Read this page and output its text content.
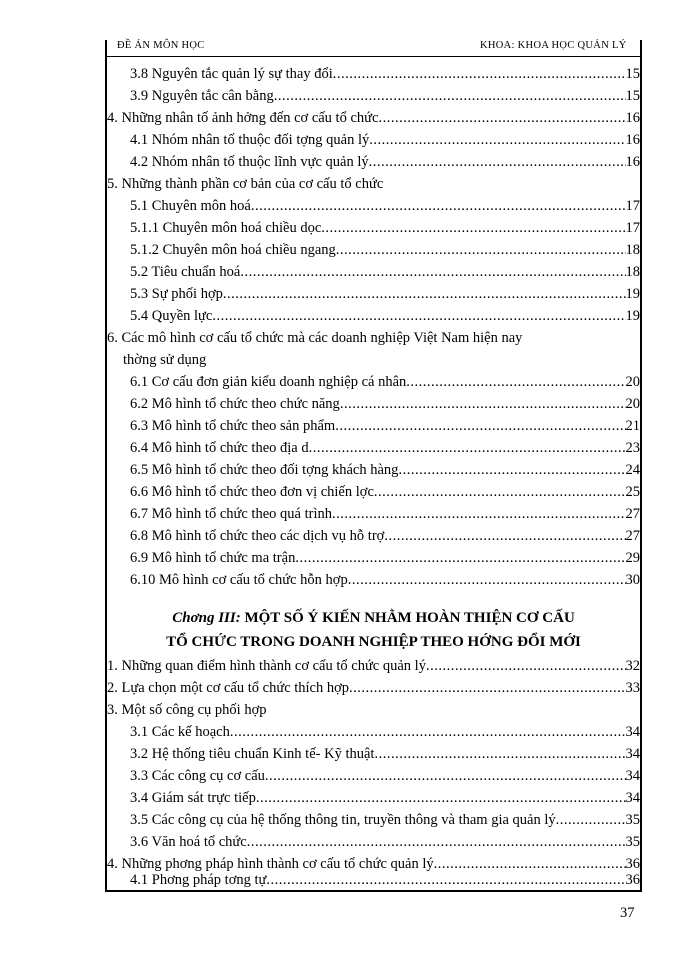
ĐỀ ÁN MÔN HỌC	KHOA: KHOA HỌC QUẢN LÝ
3.8 Nguyên tắc quản lý sự thay đổi .....	15
3.9 Nguyên tắc cân bằng .....	15
4. Những nhân tố ảnh hởng đến cơ cấu tổ chức .....	16
4.1 Nhóm nhân tố thuộc đối tợng quản lý .....	16
4.2 Nhóm nhân tố thuộc lĩnh vực quản lý .....	16
5. Những thành phần cơ bản của cơ cấu tổ chức
5.1 Chuyên môn hoá .....	17
5.1.1 Chuyên môn hoá chiều dọc .....	17
5.1.2 Chuyên môn hoá chiều ngang .....	18
5.2 Tiêu chuẩn hoá .....	18
5.3 Sự phối hợp .....	19
5.4 Quyền lực .....	19
6. Các mô hình cơ cấu tổ chức mà các doanh nghiệp Việt Nam hiện nay
thờng sử dụng
6.1 Cơ cấu đơn giản kiểu doanh nghiệp cá nhân .....	20
6.2 Mô hình tổ chức theo chức năng .....	20
6.3 Mô hình tổ chức theo sản phẩm .....	21
6.4 Mô hình tổ chức theo địa d .....	23
6.5 Mô hình tổ chức theo đối tợng khách hàng .....	24
6.6 Mô hình tổ chức theo đơn vị chiến lợc .....	25
6.7 Mô hình tổ chức theo quá trình .....	27
6.8 Mô hình tổ chức theo các dịch vụ hỗ trợ .....	27
6.9 Mô hình tổ chức ma trận .....	29
6.10 Mô hình cơ cấu tổ chức hỗn hợp .....	30
Chơng III: MỘT SỐ Ý KIẾN NHẰM HOÀN THIỆN CƠ CẤU
TỔ CHỨC TRONG DOANH NGHIỆP THEO HỚNG ĐỔI MỚI
1. Những quan điểm hình thành cơ cấu tổ chức quản lý .....	32
2. Lựa chọn một cơ cấu tổ chức thích hợp .....	33
3. Một số công cụ phối hợp
3.1 Các kế hoạch .....	34
3.2 Hệ thống tiêu chuẩn Kinh tế- Kỹ thuật .....	34
3.3 Các công cụ cơ cấu .....	34
3.4 Giám sát trực tiếp .....	34
3.5 Các công cụ của hệ thống thông tin, truyền thông và tham gia quản lý .....	35
3.6 Văn hoá tổ chức .....	35
4. Những phơng pháp hình thành cơ cấu tổ chức quản lý .....	36
4.1 Phơng pháp tơng tự .....	36
37
